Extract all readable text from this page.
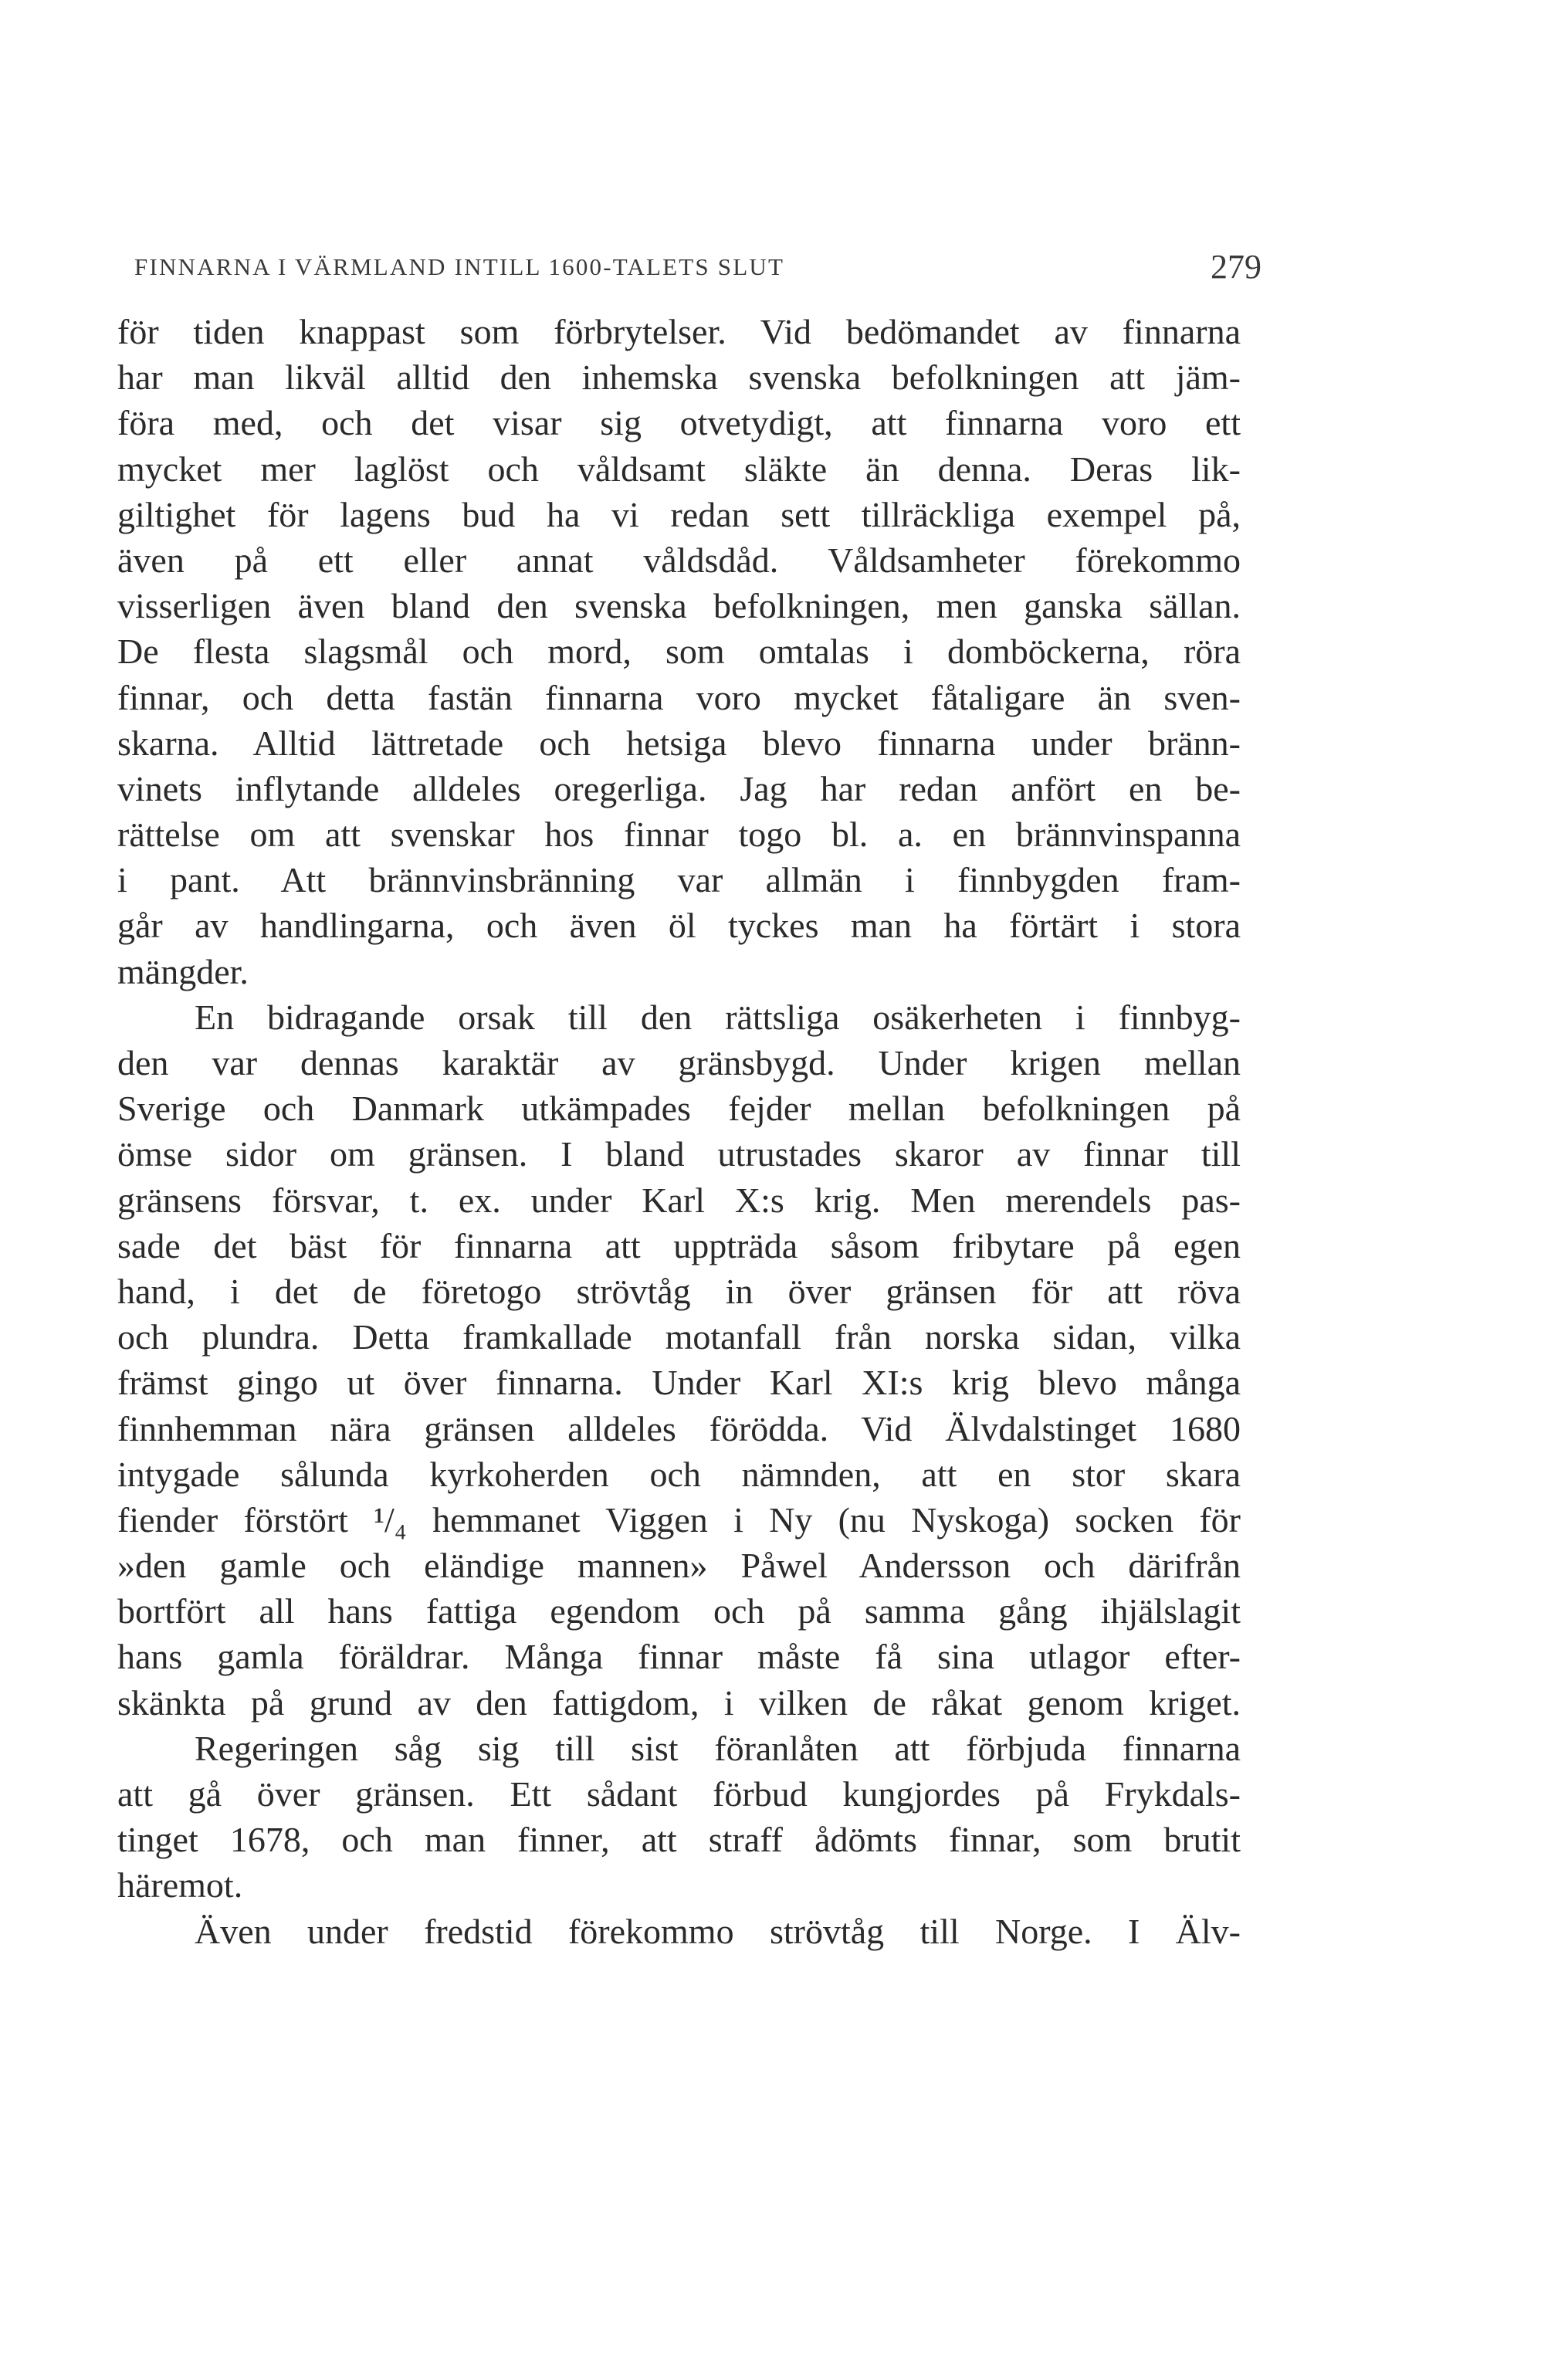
FINNARNA I VÄRMLAND INTILL 1600-TALETS SLUT	279
för tiden knappast som förbrytelser. Vid bedömandet av finnarna
har man likväl alltid den inhemska svenska befolkningen att jäm-
föra med, och det visar sig otvetydigt, att finnarna voro ett
mycket mer laglöst och våldsamt släkte än denna. Deras lik-
giltighet för lagens bud ha vi redan sett tillräckliga exempel på,
även på ett eller annat våldsdåd. Våldsamheter förekommo
visserligen även bland den svenska befolkningen, men ganska sällan.
De flesta slagsmål och mord, som omtalas i domböckerna, röra
finnar, och detta fastän finnarna voro mycket fåtaligare än sven-
skarna. Alltid lättretade och hetsiga blevo finnarna under bränn-
vinets inflytande alldeles oregerliga. Jag har redan anfört en be-
rättelse om att svenskar hos finnar togo bl. a. en brännvinspanna
i pant. Att brännvinsbränning var allmän i finnbygden fram-
går av handlingarna, och även öl tyckes man ha förtärt i stora
mängder.
En bidragande orsak till den rättsliga osäkerheten i finnbyg-
den var dennas karaktär av gränsbygd. Under krigen mellan
Sverige och Danmark utkämpades fejder mellan befolkningen på
ömse sidor om gränsen. I bland utrustades skaror av finnar till
gränsens försvar, t. ex. under Karl X:s krig. Men merendels pas-
sade det bäst för finnarna att uppträda såsom fribytare på egen
hand, i det de företogo strövtåg in över gränsen för att röva
och plundra. Detta framkallade motanfall från norska sidan, vilka
främst gingo ut över finnarna. Under Karl XI:s krig blevo många
finnhemman nära gränsen alldeles förödda. Vid Älvdalstinget 1680
intygade sålunda kyrkoherden och nämnden, att en stor skara
fiender förstört ¹/₄ hemmanet Viggen i Ny (nu Nyskoga) socken för
»den gamle och eländige mannen» Påwel Andersson och därifrån
bortfört all hans fattiga egendom och på samma gång ihjälslagit
hans gamla föräldrar. Många finnar måste få sina utlagor efter-
skänkta på grund av den fattigdom, i vilken de råkat genom kriget.
Regeringen såg sig till sist föranlåten att förbjuda finnarna
att gå över gränsen. Ett sådant förbud kungjordes på Frykdals-
tinget 1678, och man finner, att straff ådömts finnar, som brutit
häremot.
Även under fredstid förekommo strövtåg till Norge. I Älv-
